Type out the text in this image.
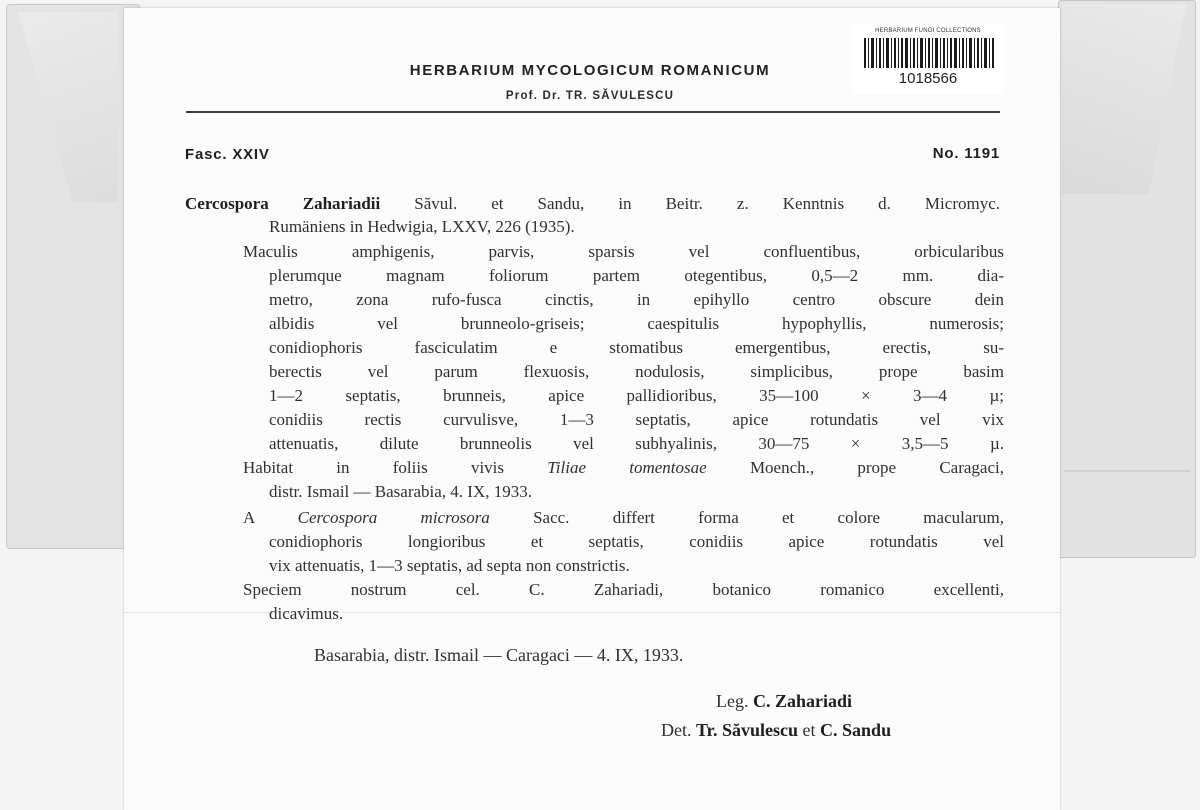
HERBARIUM FUNGI COLLECTIONS
1018566
HERBARIUM MYCOLOGICUM ROMANICUM
Prof. Dr. TR. SĂVULESCU
Fasc. XXIV	No. 1191
Cercospora Zahariadii Săvul. et Sandu, in Beitr. z. Kenntnis d. Micromyc.
Rumäniens in Hedwigia, LXXV, 226 (1935).
Maculis amphigenis, parvis, sparsis vel confluentibus, orbicularibus
plerumque magnam foliorum partem otegentibus, 0,5—2 mm. dia-
metro, zona rufo-fusca cinctis, in epihyllo centro obscure dein
albidis vel brunneolo-griseis; caespitulis hypophyllis, numerosis;
conidiophoris fasciculatim e stomatibus emergentibus, erectis, su-
berectis vel parum flexuosis, nodulosis, simplicibus, prope basim
1—2 septatis, brunneis, apice pallidioribus, 35—100 × 3—4 µ;
conidiis rectis curvulisve, 1—3 septatis, apice rotundatis vel vix
attenuatis, dilute brunneolis vel subhyalinis, 30—75 × 3,5—5 µ.
Habitat in foliis vivis	Tiliae tomentosae	Moench., prope Caragaci,
distr. Ismail — Basarabia, 4. IX, 1933.
A	Cercospora microsora	Sacc. differt forma et colore macularum,
conidiophoris longioribus et septatis, conidiis apice rotundatis vel
vix attenuatis, 1—3 septatis, ad septa non constrictis.
Speciem nostrum cel. C. Zahariadi, botanico romanico excellenti,
dicavimus.
Basarabia, distr. Ismail — Caragaci — 4. IX, 1933.
Leg. C. Zahariadi
Det. Tr. Săvulescu et C. Sandu
